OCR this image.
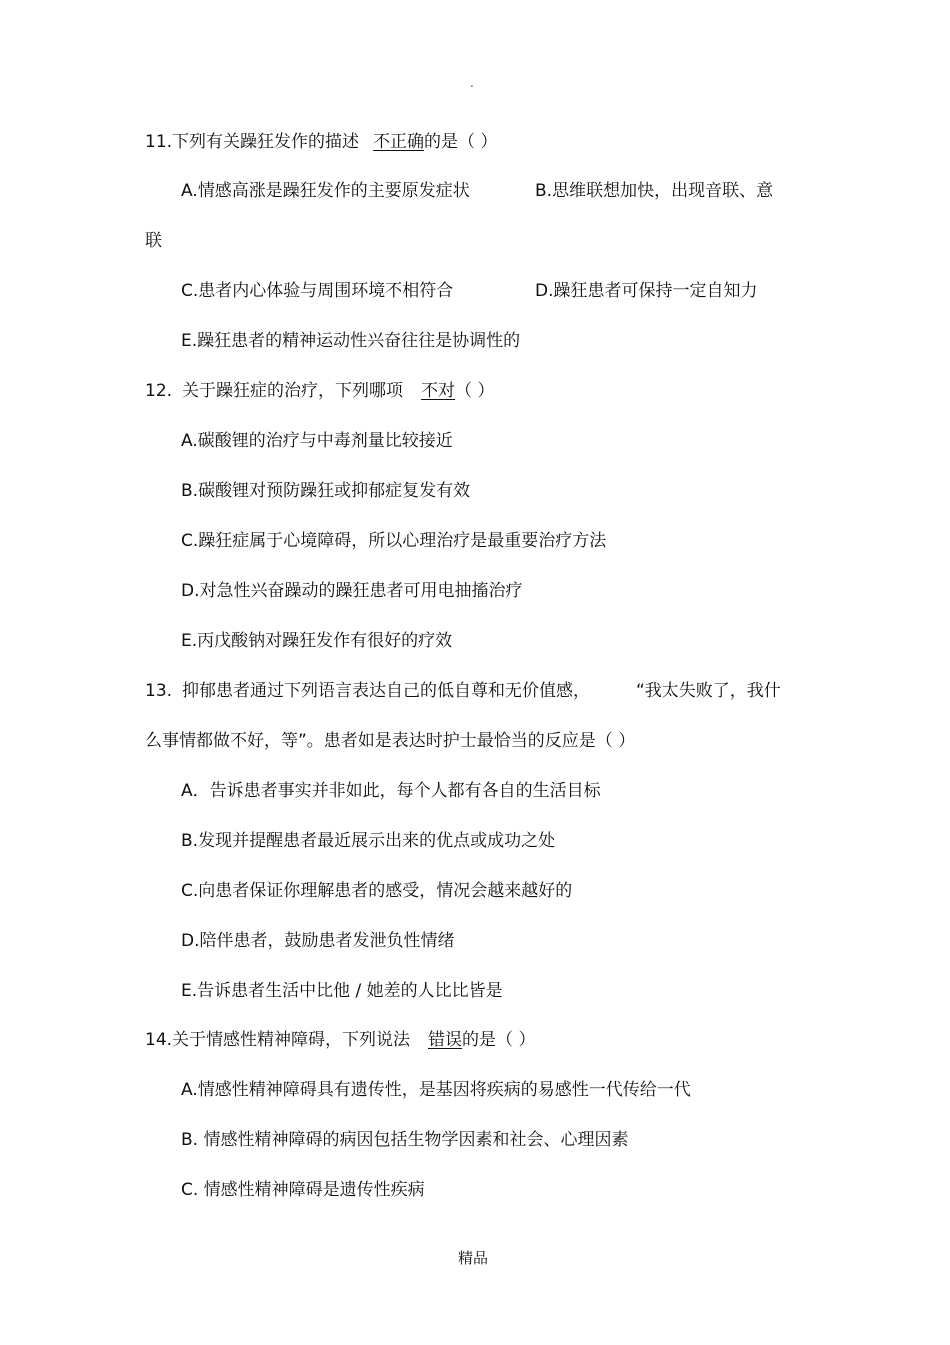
.
11.下列有关躁狂发作的描述 不正确的是（ ）
A.情感高涨是躁狂发作的主要原发症状	B.思维联想加快，出现音联、意
联
C.患者内心体验与周围环境不相符合	D.躁狂患者可保持一定自知力
E.躁狂患者的精神运动性兴奋往往是协调性的
12. 关于躁狂症的治疗，下列哪项 不对（ ）
A.碳酸锂的治疗与中毒剂量比较接近
B.碳酸锂对预防躁狂或抑郁症复发有效
C.躁狂症属于心境障碍，所以心理治疗是最重要治疗方法
D.对急性兴奋躁动的躁狂患者可用电抽搐治疗
E.丙戊酸钠对躁狂发作有很好的疗效
13. 抑郁患者通过下列语言表达自己的低自尊和无价值感，	“我太失败了，我什
么事情都做不好，等”。患者如是表达时护士最恰当的反应是（ ）
A．告诉患者事实并非如此，每个人都有各自的生活目标
B.发现并提醒患者最近展示出来的优点或成功之处
C.向患者保证你理解患者的感受，情况会越来越好的
D.陪伴患者，鼓励患者发泄负性情绪
E.告诉患者生活中比他 / 她差的人比比皆是
14.关于情感性精神障碍，下列说法 错误的是（ ）
A.情感性精神障碍具有遗传性，是基因将疾病的易感性一代传给一代
B. 情感性精神障碍的病因包括生物学因素和社会、心理因素
C. 情感性精神障碍是遗传性疾病
精品
